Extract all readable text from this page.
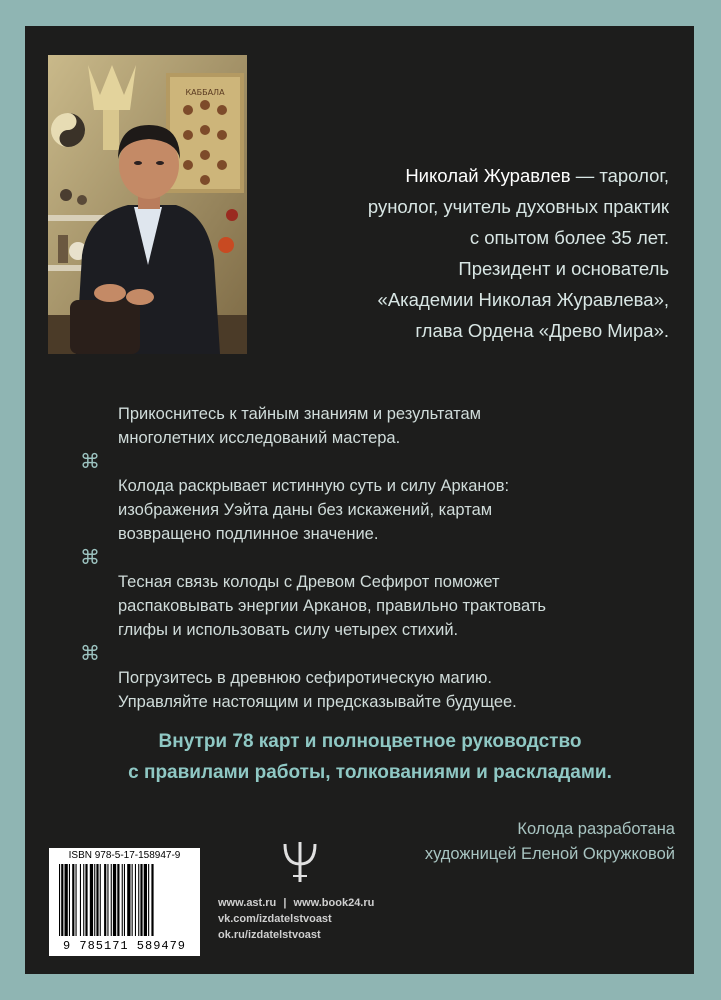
КАББАЛА
Николай Журавлев — таролог,
рунолог, учитель духовных практик
с опытом более 35 лет.
Президент и основатель
«Академии Николая Журавлева»,
глава Ордена «Древо Мира».
Прикоснитесь к тайным знаниям и результатам
многолетних исследований мастера.
⌘
Колода раскрывает истинную суть и силу Арканов:
изображения Уэйта даны без искажений, картам
возвращено подлинное значение.
⌘
Тесная связь колоды с Древом Сефирот поможет
распаковывать энергии Арканов, правильно трактовать
глифы и использовать силу четырех стихий.
⌘
Погрузитесь в древнюю сефиротическую магию.
Управляйте настоящим и предсказывайте будущее.
Внутри 78 карт и полноцветное руководство
с правилами работы, толкованиями и раскладами.
Колода разработана
художницей Еленой Окружковой
ISBN 978-5-17-158947-9
9 785171 589479
www.ast.ru | www.book24.ru
vk.com/izdatelstvoast
ok.ru/izdatelstvoast
